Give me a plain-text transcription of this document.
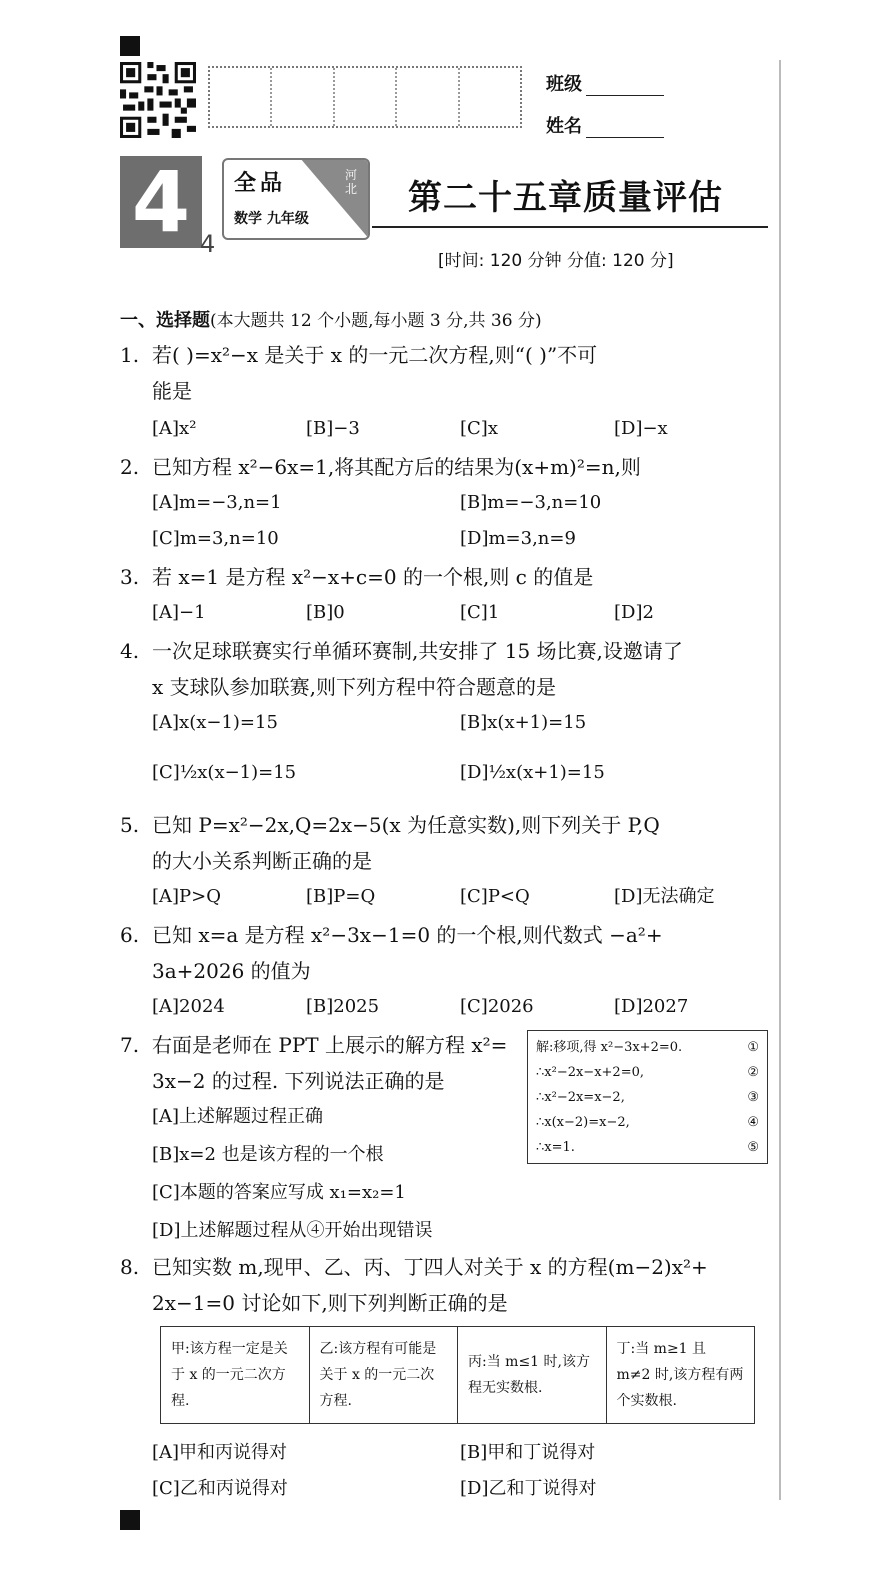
班级
姓名
4 4
全品
数学 九年级
河北 第二十五章质量评估
[时间: 120 分钟 分值: 120 分]
一、选择题(本大题共 12 个小题,每小题 3 分,共 36 分)
1. 若( )=x²−x 是关于 x 的一元二次方程,则“( )”不可
能是
[A]x²	[B]−3	[C]x	[D]−x
2. 已知方程 x²−6x=1,将其配方后的结果为(x+m)²=n,则
[A]m=−3,n=1	[B]m=−3,n=10
[C]m=3,n=10	[D]m=3,n=9
3. 若 x=1 是方程 x²−x+c=0 的一个根,则 c 的值是
[A]−1	[B]0	[C]1	[D]2
4. 一次足球联赛实行单循环赛制,共安排了 15 场比赛,设邀请了
x 支球队参加联赛,则下列方程中符合题意的是
[A]x(x−1)=15	[B]x(x+1)=15
[C]½x(x−1)=15	[D]½x(x+1)=15
5. 已知 P=x²−2x,Q=2x−5(x 为任意实数),则下列关于 P,Q
的大小关系判断正确的是
[A]P>Q	[B]P=Q	[C]P<Q	[D]无法确定
6. 已知 x=a 是方程 x²−3x−1=0 的一个根,则代数式 −a²+
3a+2026 的值为
[A]2024	[B]2025	[C]2026	[D]2027
7. 右面是老师在 PPT 上展示的解方程 x²=
3x−2 的过程. 下列说法正确的是
[A]上述解题过程正确
[B]x=2 也是该方程的一个根
[C]本题的答案应写成 x₁=x₂=1
[D]上述解题过程从④开始出现错误
解:移项,得 x²−3x+2=0.	①
∴x²−2x−x+2=0,	②
∴x²−2x=x−2,	③
∴x(x−2)=x−2,	④
∴x=1.	⑤
8. 已知实数 m,现甲、乙、丙、丁四人对关于 x 的方程(m−2)x²+
2x−1=0 讨论如下,则下列判断正确的是
甲:该方程一定是关于 x 的一元二次方程.
乙:该方程有可能是关于 x 的一元二次方程.
丙:当 m≤1 时,该方程无实数根.
丁:当 m≥1 且 m≠2 时,该方程有两个实数根.
[A]甲和丙说得对	[B]甲和丁说得对
[C]乙和丙说得对	[D]乙和丁说得对
